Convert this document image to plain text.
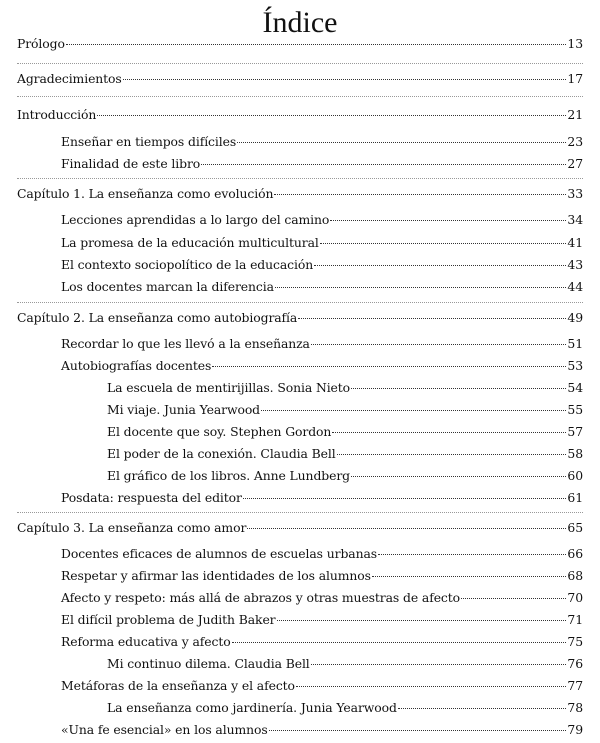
Índice
Prólogo	13
Agradecimientos	17
Introducción	21
Enseñar en tiempos difíciles	23
Finalidad de este libro	27
Capítulo 1. La enseñanza como evolución	33
Lecciones aprendidas a lo largo del camino	34
La promesa de la educación multicultural	41
El contexto sociopolítico de la educación	43
Los docentes marcan la diferencia	44
Capítulo 2. La enseñanza como autobiografía	49
Recordar lo que les llevó a la enseñanza	51
Autobiografías docentes	53
La escuela de mentirijillas. Sonia Nieto	54
Mi viaje. Junia Yearwood	55
El docente que soy. Stephen Gordon	57
El poder de la conexión. Claudia Bell	58
El gráfico de los libros. Anne Lundberg	60
Posdata: respuesta del editor	61
Capítulo 3. La enseñanza como amor	65
Docentes eficaces de alumnos de escuelas urbanas	66
Respetar y afirmar las identidades de los alumnos	68
Afecto y respeto: más allá de abrazos y otras muestras de afecto	70
El difícil problema de Judith Baker	71
Reforma educativa y afecto	75
Mi continuo dilema. Claudia Bell	76
Metáforas de la enseñanza y el afecto	77
La enseñanza como jardinería. Junia Yearwood	78
«Una fe esencial» en los alumnos	79
